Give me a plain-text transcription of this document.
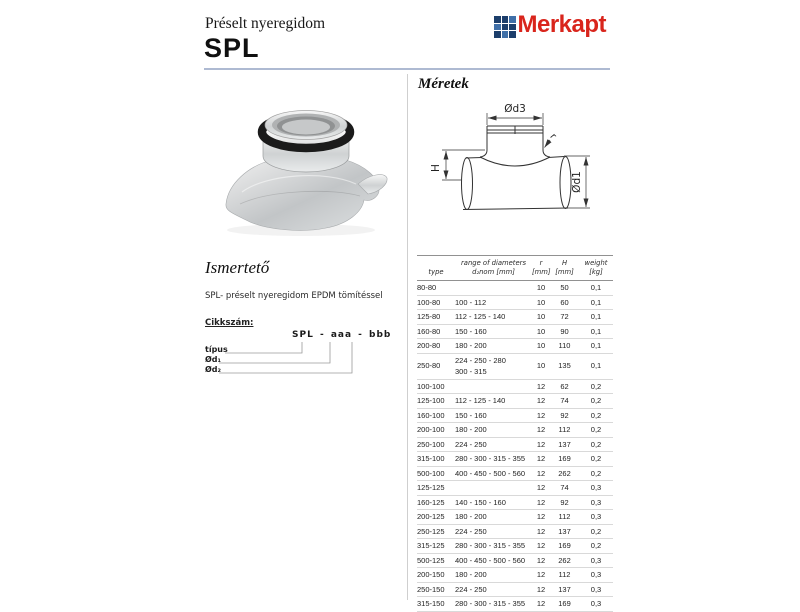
Préselt nyeregidom
SPL
Merkapt
Ismertető
SPL- préselt nyeregidom EPDM tömítéssel
Cikkszám:
SPL - aaa - bbb
típus
Ød₁
Ød₂
Méretek
Ød3
r
H
Ød1
type

range of diameters
d₂nom [mm]

r
[mm]

H
[mm]

weight
[kg]

80-80		10	50	0,1
100-80	100 - 112	10	60	0,1
125-80	112 - 125 - 140	10	72	0,1
160-80	150 - 160	10	90	0,1
200-80	180 - 200	10	110	0,1
250-80	224 - 250 - 280
300 - 315	10	135	0,1
100-100		12	62	0,2
125-100	112 - 125 - 140	12	74	0,2
160-100	150 - 160	12	92	0,2
200-100	180 - 200	12	112	0,2
250-100	224 - 250	12	137	0,2
315-100	280 - 300 - 315 - 355	12	169	0,2
500-100	400 - 450 - 500 - 560	12	262	0,2
125-125		12	74	0,3
160-125	140 - 150 - 160	12	92	0,3
200-125	180 - 200	12	112	0,3
250-125	224 - 250	12	137	0,2
315-125	280 - 300 - 315 - 355	12	169	0,2
500-125	400 - 450 - 500 - 560	12	262	0,3
200-150	180 - 200	12	112	0,3
250-150	224 - 250	12	137	0,3
315-150	280 - 300 - 315 - 355	12	169	0,3
